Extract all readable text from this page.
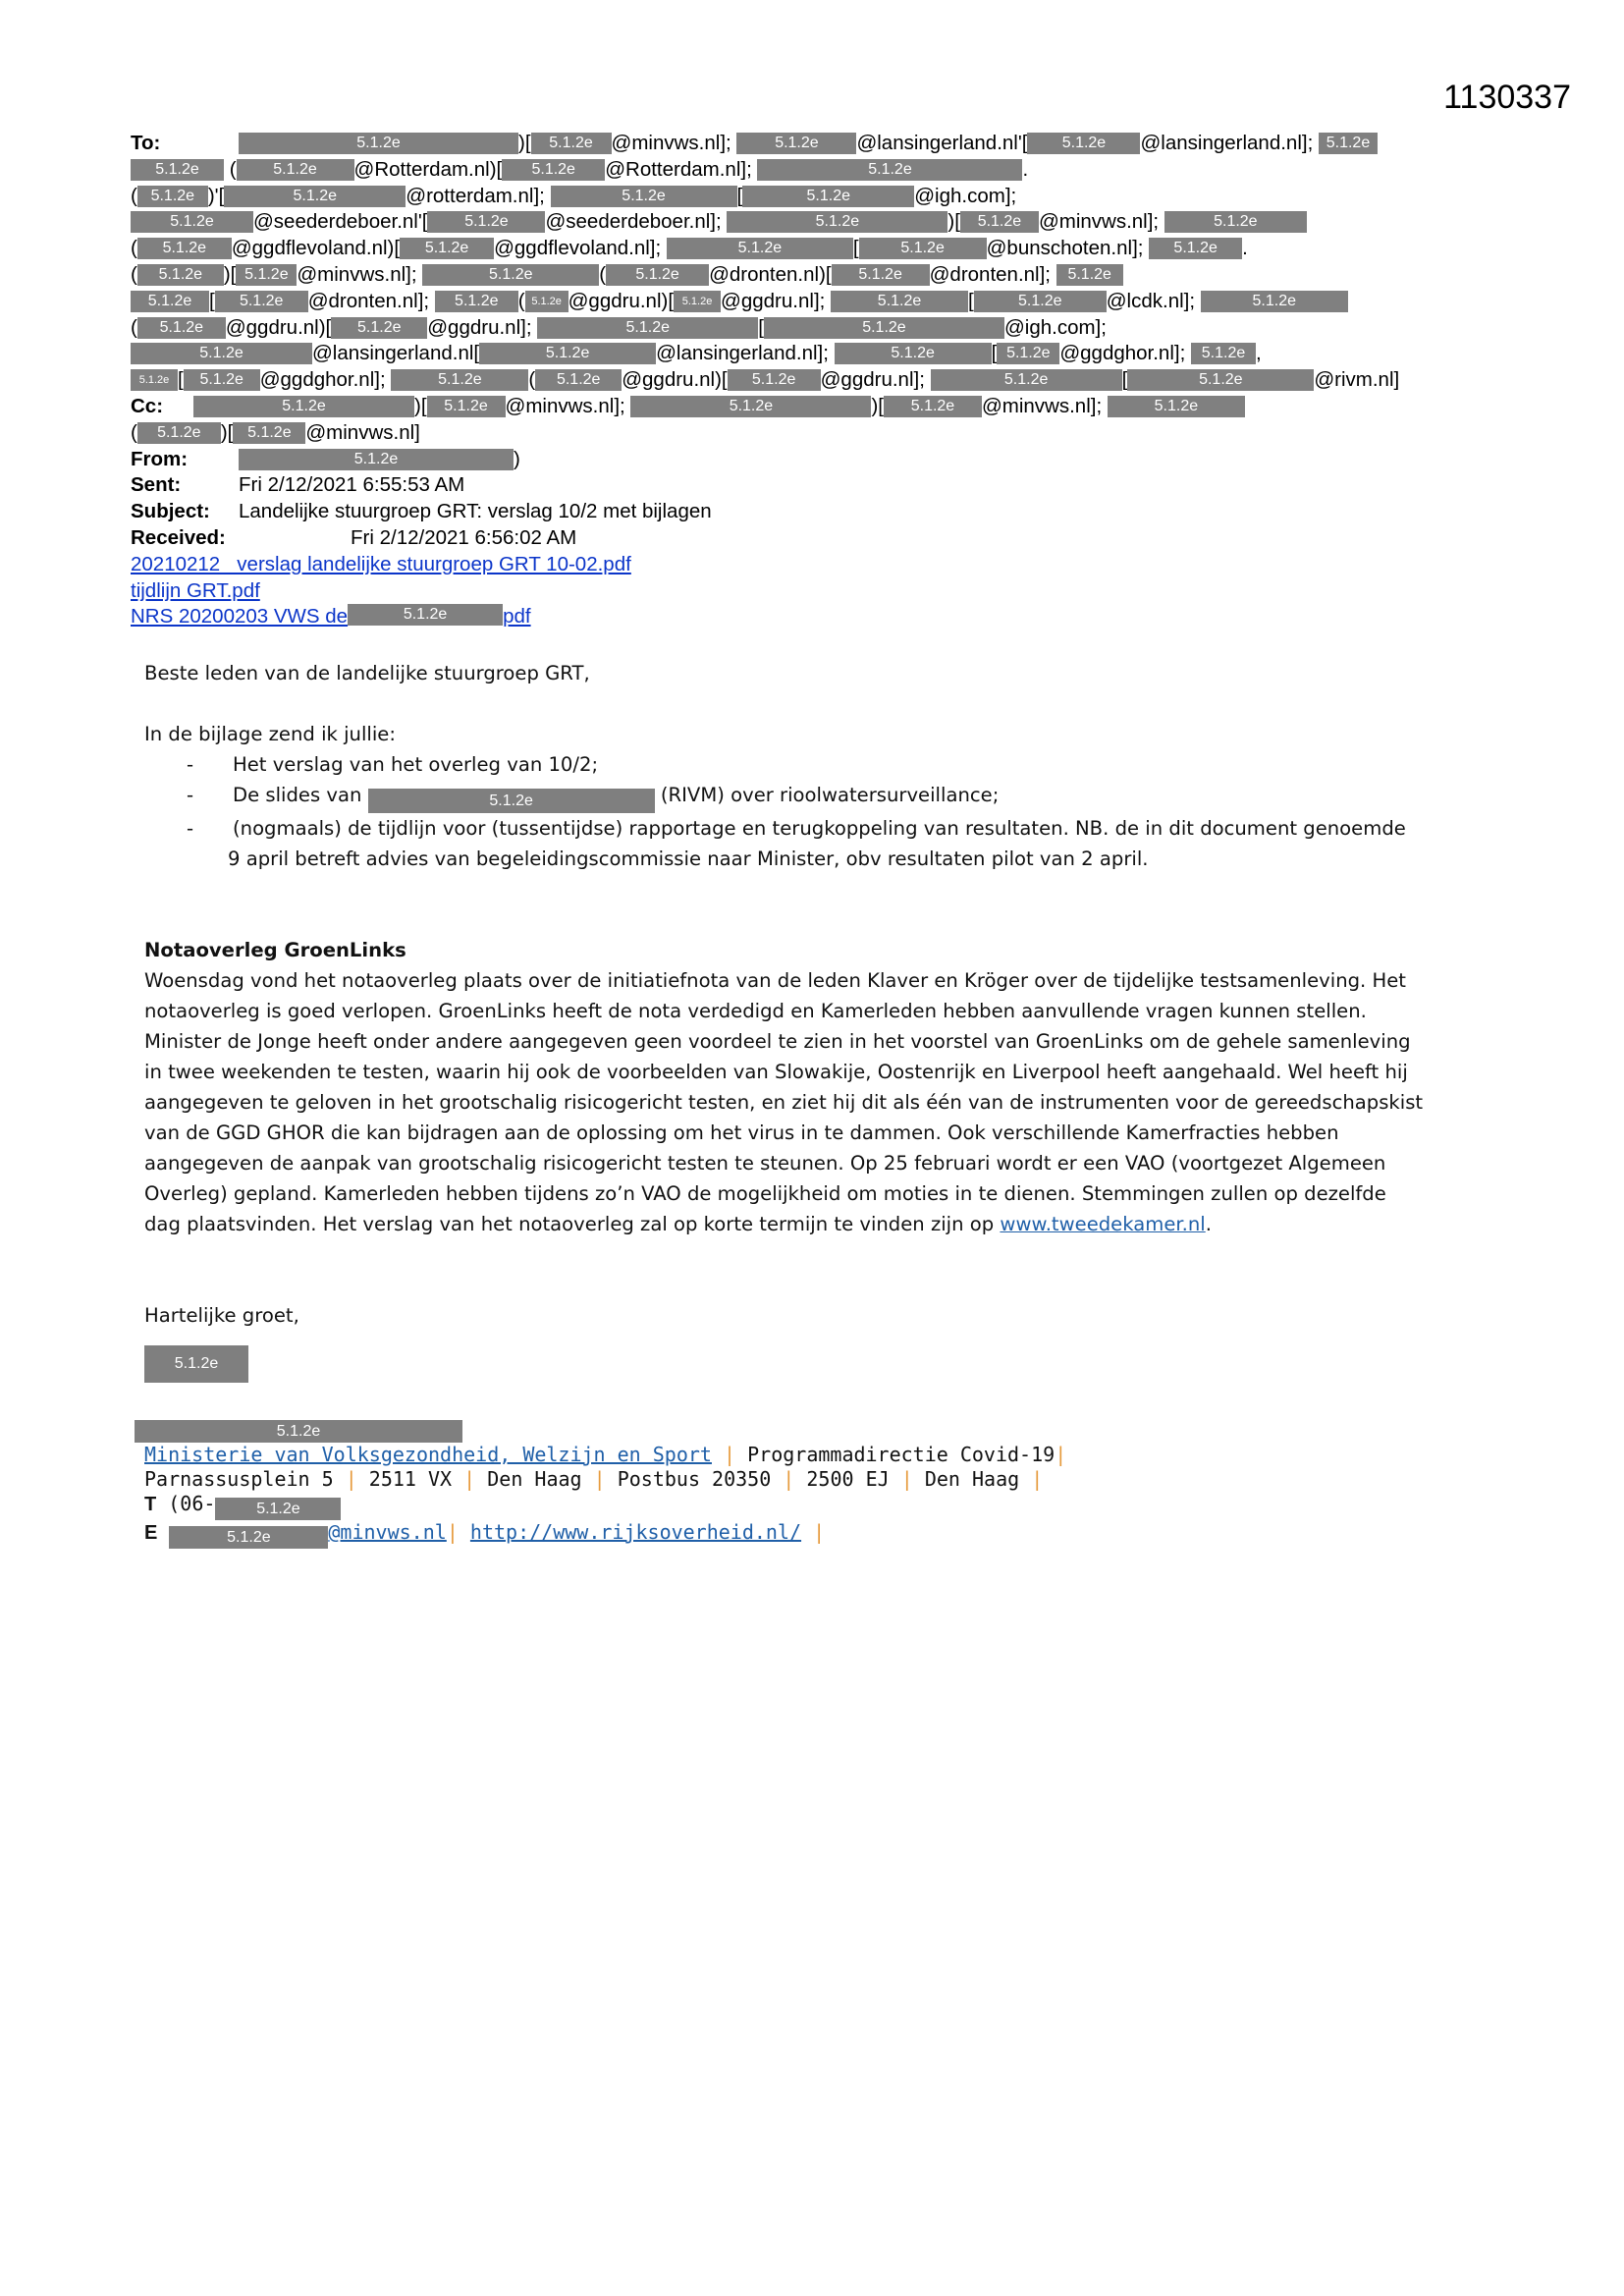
1130337
To:	5.1.2e	)[ 5.1.2e @minvws.nl];	5.1.2e @lansingerland.nl'[ 5.1.2e @lansingerland.nl]; 5.1.2e
5.1.2e ( 5.1.2e @Rotterdam.nl)[ 5.1.2e @Rotterdam.nl];	5.1.2e	.
( 5.1.2e )'[	5.1.2e	@rotterdam.nl];	5.1.2e	[	5.1.2e	@igh.com];
5.1.2e @seederdeboer.nl'[ 5.1.2e @seederdeboer.nl];	5.1.2e	)[ 5.1.2e @minvws.nl];	5.1.2e
( 5.1.2e @ggdflevoland.nl)[ 5.1.2e @ggdflevoland.nl];	5.1.2e	[	5.1.2e @bunschoten.nl]; 5.1.2e .
( 5.1.2e )[ 5.1.2e @minvws.nl];	5.1.2e	( 5.1.2e @dronten.nl)[ 5.1.2e @dronten.nl]; 5.1.2e
5.1.2e [ 5.1.2e @dronten.nl]; 5.1.2e ( 5.1.2e @ggdru.nl)[ 5.1.2e @ggdru.nl];	5.1.2e [	5.1.2e @lcdk.nl];	5.1.2e
( 5.1.2e @ggdru.nl)[ 5.1.2e @ggdru.nl];	5.1.2e	[	5.1.2e	@igh.com];
5.1.2e	@lansingerland.nl[	5.1.2e	@lansingerland.nl];	5.1.2e	[ 5.1.2e @ggdghor.nl]; 5.1.2e ,
5.1.2e [ 5.1.2e @ggdghor.nl];	5.1.2e ( 5.1.2e @ggdru.nl)[ 5.1.2e @ggdru.nl];	5.1.2e	[	5.1.2e	@rivm.nl]
Cc:	5.1.2e	)[ 5.1.2e @minvws.nl];	5.1.2e	)[ 5.1.2e @minvws.nl];	5.1.2e
( 5.1.2e )[ 5.1.2e @minvws.nl]
From:	5.1.2e	)
Sent:	Fri 2/12/2021 6:55:53 AM
Subject: Landelijke stuurgroep GRT: verslag 10/2 met bijlagen
Received:	Fri 2/12/2021 6:56:02 AM
20210212 _verslag landelijke stuurgroep GRT 10-02.pdf
tijdlijn GRT.pdf
NRS 20200203 VWS de	5.1.2e	pdf

Beste leden van de landelijke stuurgroep GRT,

In de bijlage zend ik jullie:

- Het verslag van het overleg van 10/2;

- De slides van	5.1.2e	(RIVM) over rioolwatersurveillance;

- (nogmaals) de tijdlijn voor (tussentijdse) rapportage en terugkoppeling van resultaten. NB. de in dit document genoemde

9 april betreft advies van begeleidingscommissie naar Minister, obv resultaten pilot van 2 april.

Notaoverleg GroenLinks

Woensdag vond het notaoverleg plaats over de initiatiefnota van de leden Klaver en Kröger over de tijdelijke testsamenleving. Het

notaoverleg is goed verlopen. GroenLinks heeft de nota verdedigd en Kamerleden hebben aanvullende vragen kunnen stellen.

Minister de Jonge heeft onder andere aangegeven geen voordeel te zien in het voorstel van GroenLinks om de gehele samenleving

in twee weekenden te testen, waarin hij ook de voorbeelden van Slowakije, Oostenrijk en Liverpool heeft aangehaald. Wel heeft hij

aangegeven te geloven in het grootschalig risicogericht testen, en ziet hij dit als één van de instrumenten voor de gereedschapskist

van de GGD GHOR die kan bijdragen aan de oplossing om het virus in te dammen. Ook verschillende Kamerfracties hebben

aangegeven de aanpak van grootschalig risicogericht testen te steunen. Op 25 februari wordt er een VAO (voortgezet Algemeen

Overleg) gepland. Kamerleden hebben tijdens zo’n VAO de mogelijkheid om moties in te dienen. Stemmingen zullen op dezelfde

dag plaatsvinden. Het verslag van het notaoverleg zal op korte termijn te vinden zijn op www.tweedekamer.nl.

Hartelijke groet,

5.1.2e
5.1.2e
Ministerie van Volksgezondheid, Welzijn en Sport | Programmadirectie Covid-19|
Parnassusplein 5 | 2511 VX | Den Haag | Postbus 20350 | 2500 EJ | Den Haag |
T (06-	5.1.2e
E	5.1.2e	@minvws.nl| http://www.rijksoverheid.nl/ |
